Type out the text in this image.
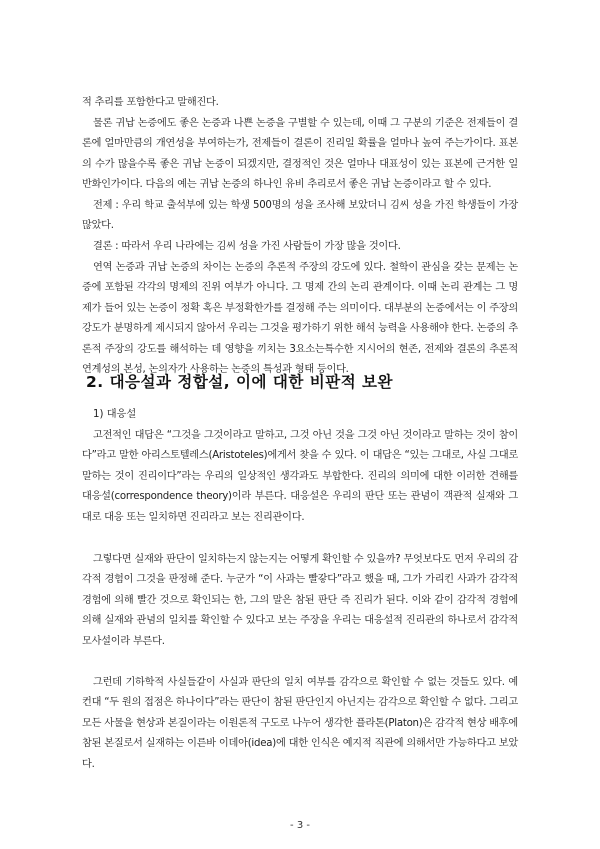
적 추리를 포함한다고 말해진다.

물론 귀납 논증에도 좋은 논증과 나쁜 논증을 구별할 수 있는데, 이때 그 구분의 기준은 전제들이 결론에 얼마만큼의 개연성을 부여하는가, 전제들이 결론이 진리일 확률을 얼마나 높여 주는가이다. 표본의 수가 많을수록 좋은 귀납 논증이 되겠지만, 결정적인 것은 얼마나 대표성이 있는 표본에 근거한 일반화인가이다. 다음의 예는 귀납 논증의 하나인 유비 추리로서 좋은 귀납 논증이라고 할 수 있다.

전제 : 우리 학교 출석부에 있는 학생 500명의 성을 조사해 보았더니 김씨 성을 가진 학생들이 가장 많았다.

결론 : 따라서 우리 나라에는 김씨 성을 가진 사람들이 가장 많을 것이다.

연역 논증과 귀납 논증의 차이는 논증의 추론적 주장의 강도에 있다. 철학이 관심을 갖는 문제는 논증에 포함된 각각의 명제의 진위 여부가 아니다. 그 명제 간의 논리 관계이다. 이때 논리 관계는 그 명제가 들어 있는 논증이 정확 혹은 부정확한가를 결정해 주는 의미이다. 대부분의 논증에서는 이 주장의 강도가 분명하게 제시되지 않아서 우리는 그것을 평가하기 위한 해석 능력을 사용해야 한다. 논증의 추론적 주장의 강도를 해석하는 데 영향을 끼치는 3요소는특수한 지시어의 현존, 전제와 결론의 추론적 연계성의 본성, 논의자가 사용하는 논증의 특성과 형태 등이다.

2. 대응설과 정합설, 이에 대한 비판적 보완

1) 대응설

고전적인 대답은 “그것을 그것이라고 말하고, 그것 아닌 것을 그것 아닌 것이라고 말하는 것이 참이다”라고 말한 아리스토텔레스(Aristoteles)에게서 찾을 수 있다. 이 대답은 “있는 그대로, 사실 그대로 말하는 것이 진리이다”라는 우리의 일상적인 생각과도 부합한다. 진리의 의미에 대한 이러한 견해를 대응설(correspondence theory)이라 부른다. 대응설은 우리의 판단 또는 관념이 객관적 실재와 그대로 대응 또는 일치하면 진리라고 보는 진리관이다.

그렇다면 실재와 판단이 일치하는지 않는지는 어떻게 확인할 수 있을까? 무엇보다도 먼저 우리의 감각적 경험이 그것을 판정해 준다. 누군가 “이 사과는 빨갛다”라고 했을 때, 그가 가리킨 사과가 감각적 경험에 의해 빨간 것으로 확인되는 한, 그의 말은 참된 판단 즉 진리가 된다. 이와 같이 감각적 경험에 의해 실재와 관념의 일치를 확인할 수 있다고 보는 주장을 우리는 대응설적 진리관의 하나로서 감각적 모사설이라 부른다.

그런데 기하학적 사실들같이 사실과 판단의 일치 여부를 감각으로 확인할 수 없는 것들도 있다. 예컨대 “두 원의 접점은 하나이다”라는 판단이 참된 판단인지 아닌지는 감각으로 확인할 수 없다. 그리고 모든 사물을 현상과 본질이라는 이원론적 구도로 나누어 생각한 플라톤(Platon)은 감각적 현상 배후에 참된 본질로서 실재하는 이른바 이데아(idea)에 대한 인식은 예지적 직관에 의해서만 가능하다고 보았다.

- 3 -
